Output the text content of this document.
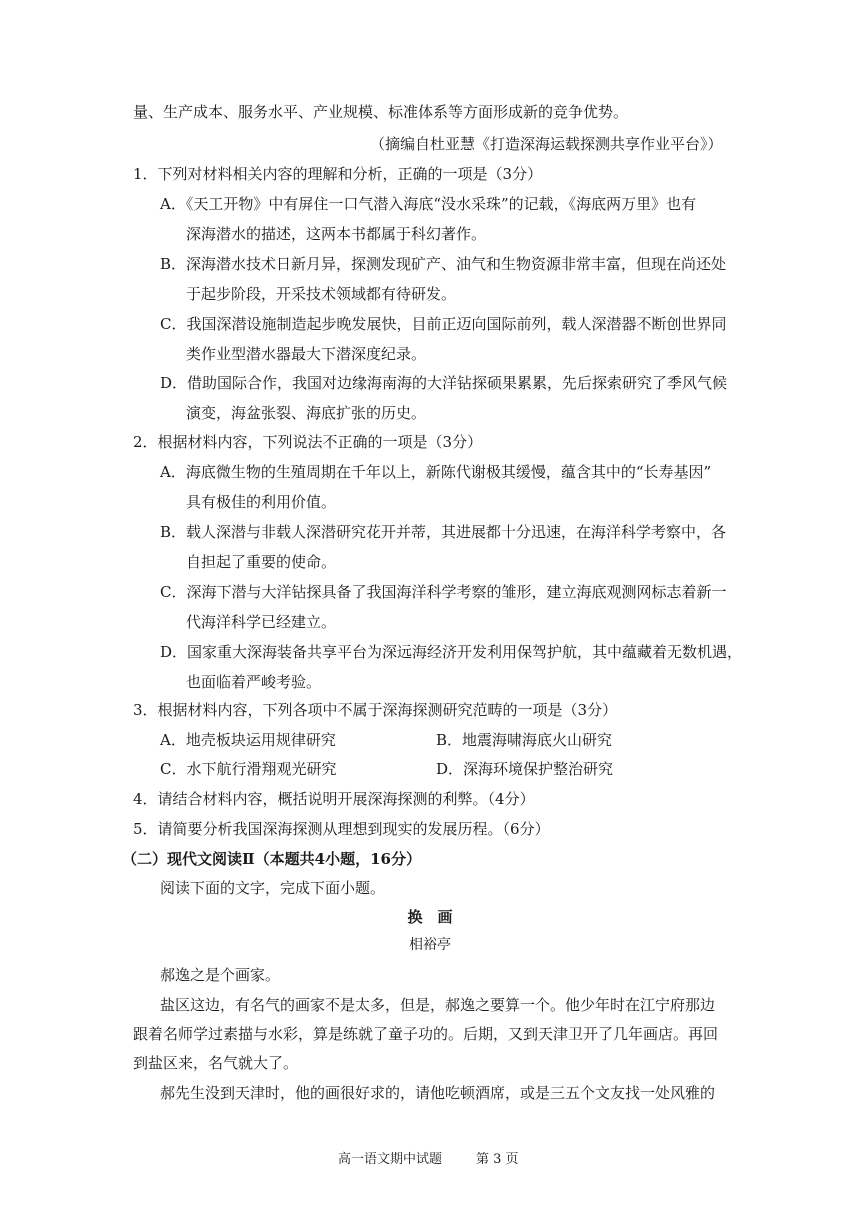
量、生产成本、服务水平、产业规模、标准体系等方面形成新的竞争优势。

（摘编自杜亚慧《打造深海运载探测共享作业平台》）

1．下列对材料相关内容的理解和分析，正确的一项是（3分）

A．《天工开物》中有屏住一口气潜入海底“没水采珠”的记载，《海底两万里》也有

深海潜水的描述，这两本书都属于科幻著作。

B．深海潜水技术日新月异，探测发现矿产、油气和生物资源非常丰富，但现在尚还处

于起步阶段，开采技术领域都有待研发。

C．我国深潜设施制造起步晚发展快，目前正迈向国际前列，载人深潜器不断创世界同

类作业型潜水器最大下潜深度纪录。

D．借助国际合作，我国对边缘海南海的大洋钻探硕果累累，先后探索研究了季风气候

演变，海盆张裂、海底扩张的历史。

2．根据材料内容，下列说法不正确的一项是（3分）

A．海底微生物的生殖周期在千年以上，新陈代谢极其缓慢，蕴含其中的“长寿基因”

具有极佳的利用价值。

B．载人深潜与非载人深潜研究花开并蒂，其进展都十分迅速，在海洋科学考察中，各

自担起了重要的使命。

C．深海下潜与大洋钻探具备了我国海洋科学考察的雏形，建立海底观测网标志着新一

代海洋科学已经建立。

D．国家重大深海装备共享平台为深远海经济开发利用保驾护航，其中蕴藏着无数机遇，

也面临着严峻考验。

3．根据材料内容，下列各项中不属于深海探测研究范畴的一项是（3分）

A．地壳板块运用规律研究	B．地震海啸海底火山研究

C．水下航行滑翔观光研究	D．深海环境保护整治研究

4．请结合材料内容，概括说明开展深海探测的利弊。（4分）

5．请简要分析我国深海探测从理想到现实的发展历程。（6分）

（二）现代文阅读Ⅱ（本题共4小题，16分）

阅读下面的文字，完成下面小题。

换　画

相裕亭

郝逸之是个画家。

盐区这边，有名气的画家不是太多，但是，郝逸之要算一个。他少年时在江宁府那边

跟着名师学过素描与水彩，算是练就了童子功的。后期，又到天津卫开了几年画店。再回

到盐区来，名气就大了。

郝先生没到天津时，他的画很好求的，请他吃顿酒席，或是三五个文友找一处风雅的

高一语文期中试题	第 3 页
